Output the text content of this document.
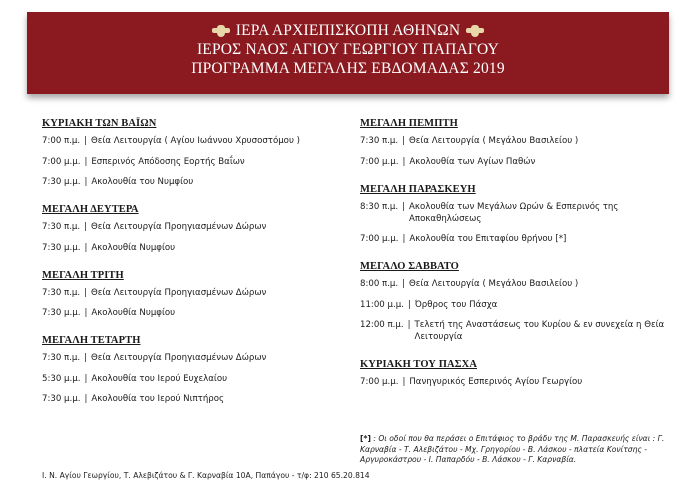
ΙΕΡΑ ΑΡΧΙΕΠΙΣΚΟΠΗ ΑΘΗΝΩΝ
ΙΕΡΟΣ ΝΑΟΣ ΑΓΙΟΥ ΓΕΩΡΓΙΟΥ ΠΑΠΑΓΟΥ
ΠΡΟΓΡΑΜΜΑ ΜΕΓΑΛΗΣ ΕΒΔΟΜΑΔΑΣ 2019
ΚΥΡΙΑΚΗ ΤΩΝ ΒΑΪΩΝ
7:00 π.μ. | Θεία Λειτουργία ( Αγίου Ιωάννου Χρυσοστόμου )
7:00 μ.μ. | Εσπερινός Απόδοσης Εορτής Βαΐων
7:30 μ.μ. | Ακολουθία του Νυμφίου
ΜΕΓΑΛΗ ΔΕΥΤΕΡΑ
7:30 π.μ. | Θεία Λειτουργία Προηγιασμένων Δώρων
7:30 μ.μ. | Ακολουθία Νυμφίου
ΜΕΓΑΛΗ ΤΡΙΤΗ
7:30 π.μ. | Θεία Λειτουργία Προηγιασμένων Δώρων
7:30 μ.μ. | Ακολουθία Νυμφίου
ΜΕΓΑΛΗ ΤΕΤΑΡΤΗ
7:30 π.μ. | Θεία Λειτουργία Προηγιασμένων Δώρων
5:30 μ.μ. | Ακολουθία του Ιερού Ευχελαίου
7:30 μ.μ. | Ακολουθία του Ιερού Νιπτήρος
ΜΕΓΑΛΗ ΠΕΜΠΤΗ
7:30 π.μ. | Θεία Λειτουργία ( Μεγάλου Βασιλείου )
7:00 μ.μ. | Ακολουθία των Αγίων Παθών
ΜΕΓΑΛΗ ΠΑΡΑΣΚΕΥΗ
8:30 π.μ. | Ακολουθία των Μεγάλων Ωρών & Εσπερινός της Αποκαθηλώσεως
7:00 μ.μ. | Ακολουθία του Επιταφίου θρήνου [*]
ΜΕΓΑΛΟ ΣΑΒΒΑΤΟ
8:00 π.μ. | Θεία Λειτουργία ( Μεγάλου Βασιλείου )
11:00 μ.μ. | Όρθρος του Πάσχα
12:00 π.μ. | Τελετή της Αναστάσεως του Κυρίου & εν συνεχεία η Θεία Λειτουργία
ΚΥΡΙΑΚΗ ΤΟΥ ΠΑΣΧΑ
7:00 μ.μ. | Πανηγυρικός Εσπερινός Αγίου Γεωργίου
[*] : Οι οδοί που θα περάσει ο Επιτάφιος το βράδυ της Μ. Παρασκευής είναι : Γ. Καρναβία - Τ. Αλεβιζάτου - Μχ. Γρηγορίου - Β. Λάσκου - πλατεία Κονίτσης - Αργυροκάστρου - Ι. Παπαρδόυ - Β. Λάσκου - Γ. Καρναβία.
Ι. Ν. Αγίου Γεωργίου, Τ. Αλεβιζάτου & Γ. Καρναβία 10Α, Παπάγου - τ/φ: 210 65.20.814
